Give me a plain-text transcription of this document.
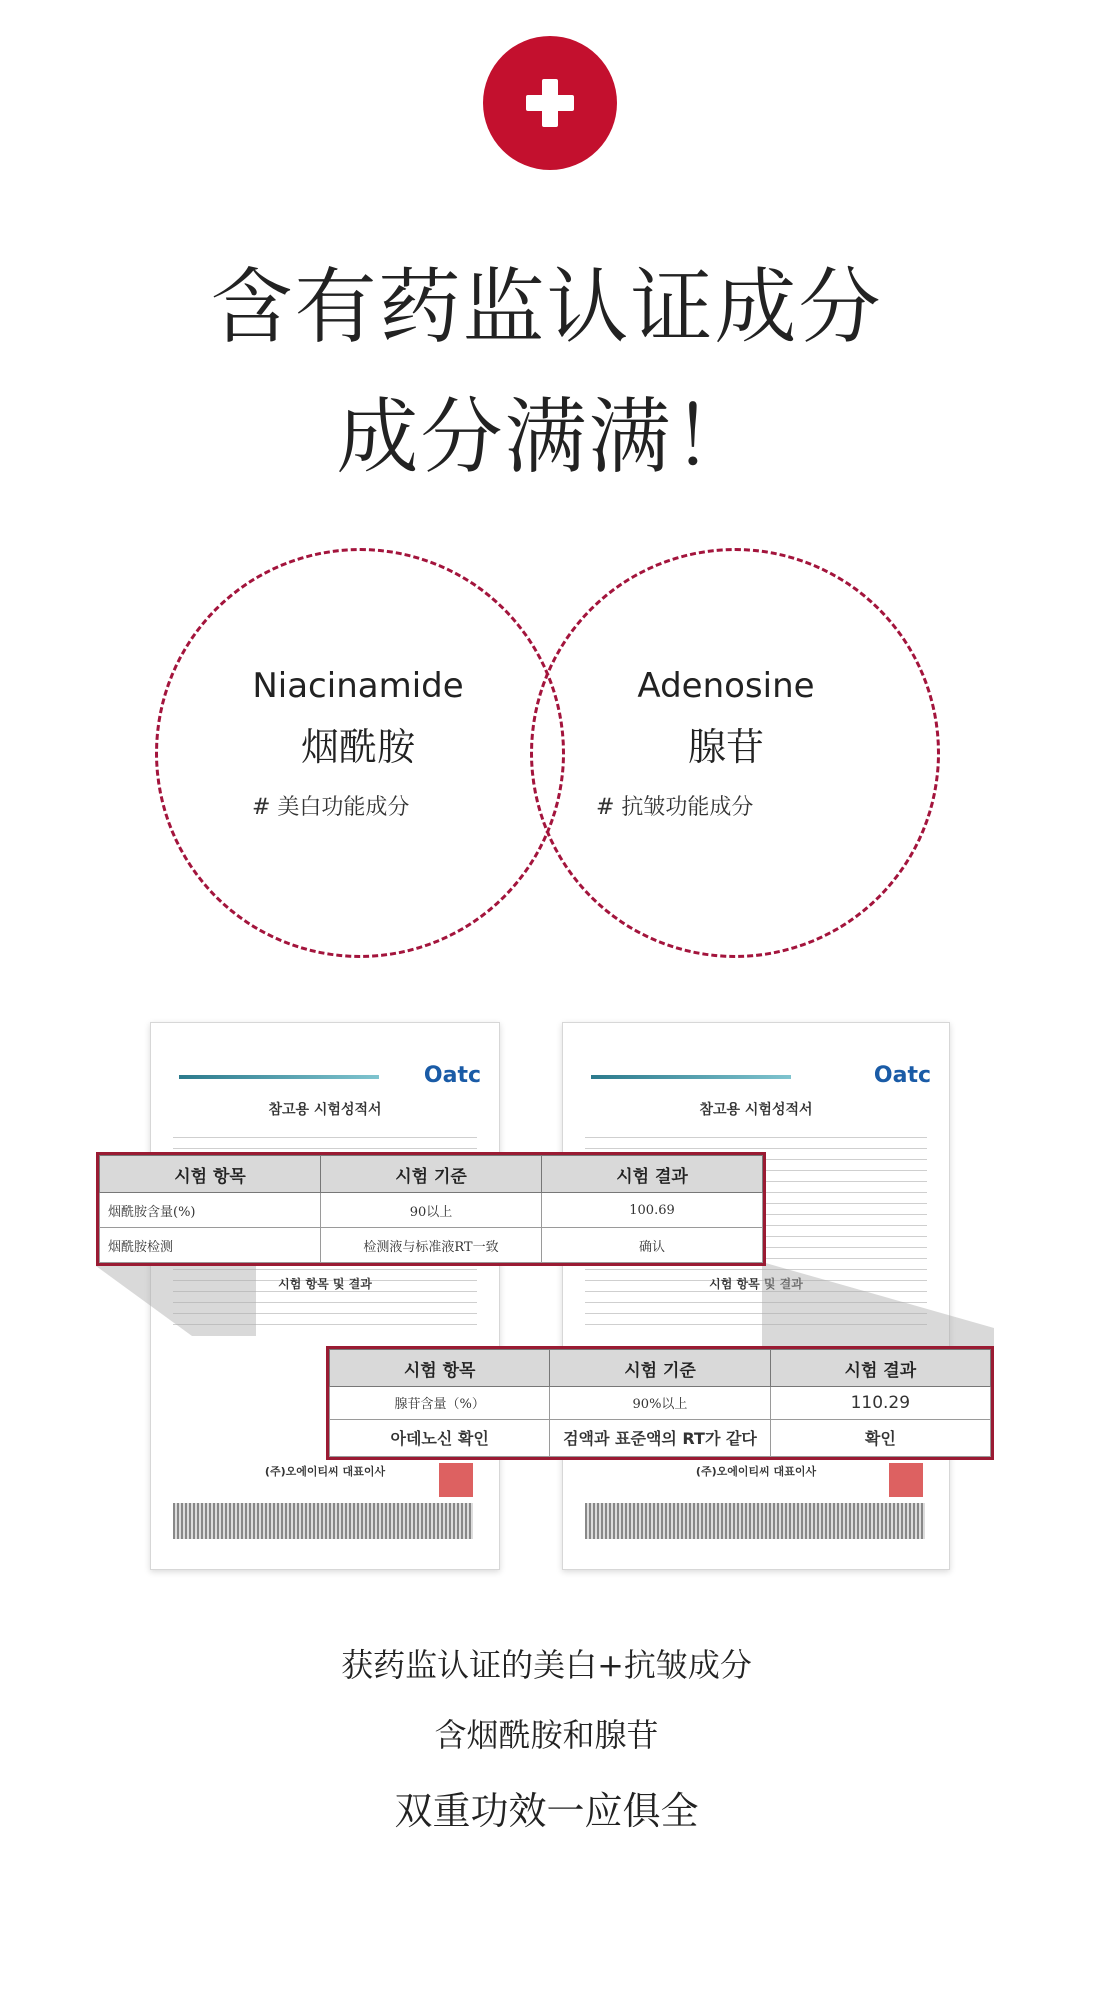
含有药监认证成分
成分满满！
Niacinamide
烟酰胺
# 美白功能成分
Adenosine
腺苷
# 抗皱功能成分
Oatc
참고용 시험성적서
시험 항목 및 결과
(주)오에이티씨 대표이사
Oatc
참고용 시험성적서
시험 항목 및 결과
(주)오에이티씨 대표이사
시험 항목	시험 기준	시험 결과
烟酰胺含量(%)	90以上	100.69
烟酰胺检测	检测液与标准液RT一致	确认
시험 항목	시험 기준	시험 결과
腺苷含量（%）	90%以上	110.29
아데노신 확인	검액과 표준액의 RT가 같다	확인
获药监认证的美白+抗皱成分
含烟酰胺和腺苷
双重功效一应俱全
